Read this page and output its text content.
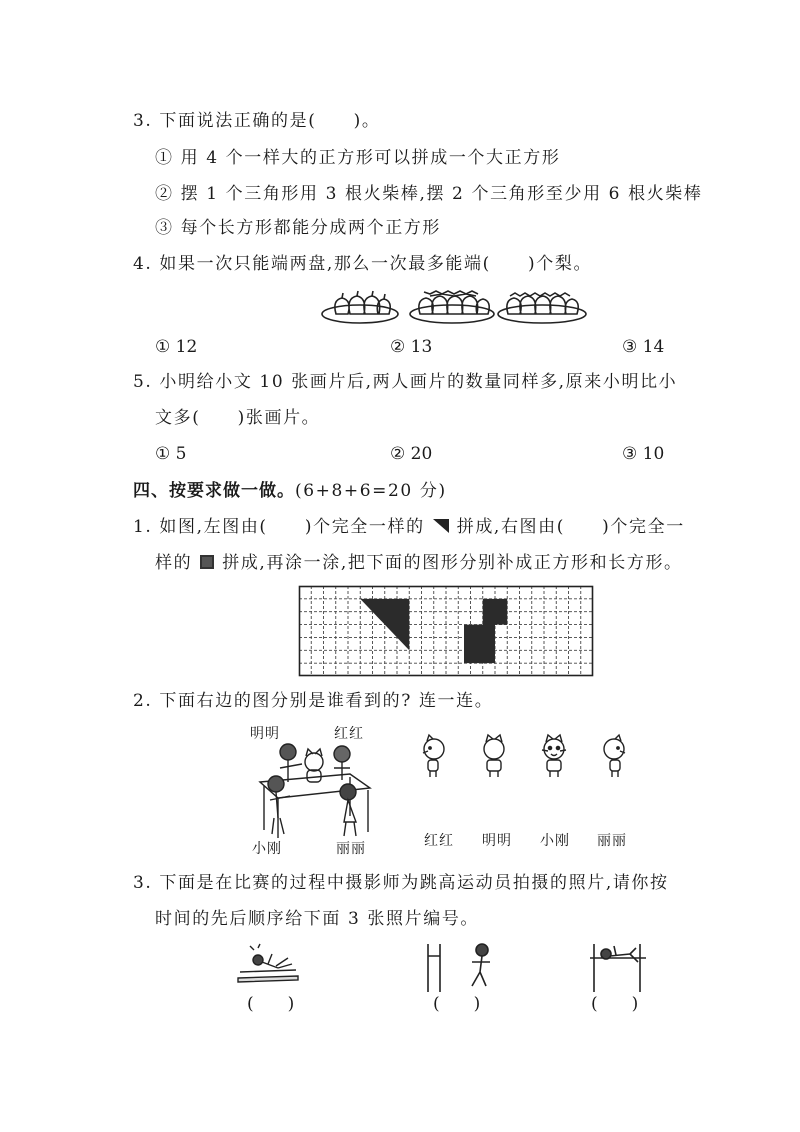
3. 下面说法正确的是(　　)。
① 用 4 个一样大的正方形可以拼成一个大正方形
② 摆 1 个三角形用 3 根火柴棒,摆 2 个三角形至少用 6 根火柴棒
③ 每个长方形都能分成两个正方形
4. 如果一次只能端两盘,那么一次最多能端(　　)个梨。
① 12	② 13	③ 14
5. 小明给小文 10 张画片后,两人画片的数量同样多,原来小明比小
文多(　　)张画片。
① 5	② 20	③ 10
四、按要求做一做。(6+8+6=20 分)
1. 如图,左图由(　　)个完全一样的 拼成,右图由(　　)个完全一
样的 拼成,再涂一涂,把下面的图形分别补成正方形和长方形。
2. 下面右边的图分别是谁看到的? 连一连。
明明	红红
小刚	丽丽	红红 明明 小刚 丽丽
3. 下面是在比赛的过程中摄影师为跳高运动员拍摄的照片,请你按
时间的先后顺序给下面 3 张照片编号。
(　　)	(　　)	(　　)
